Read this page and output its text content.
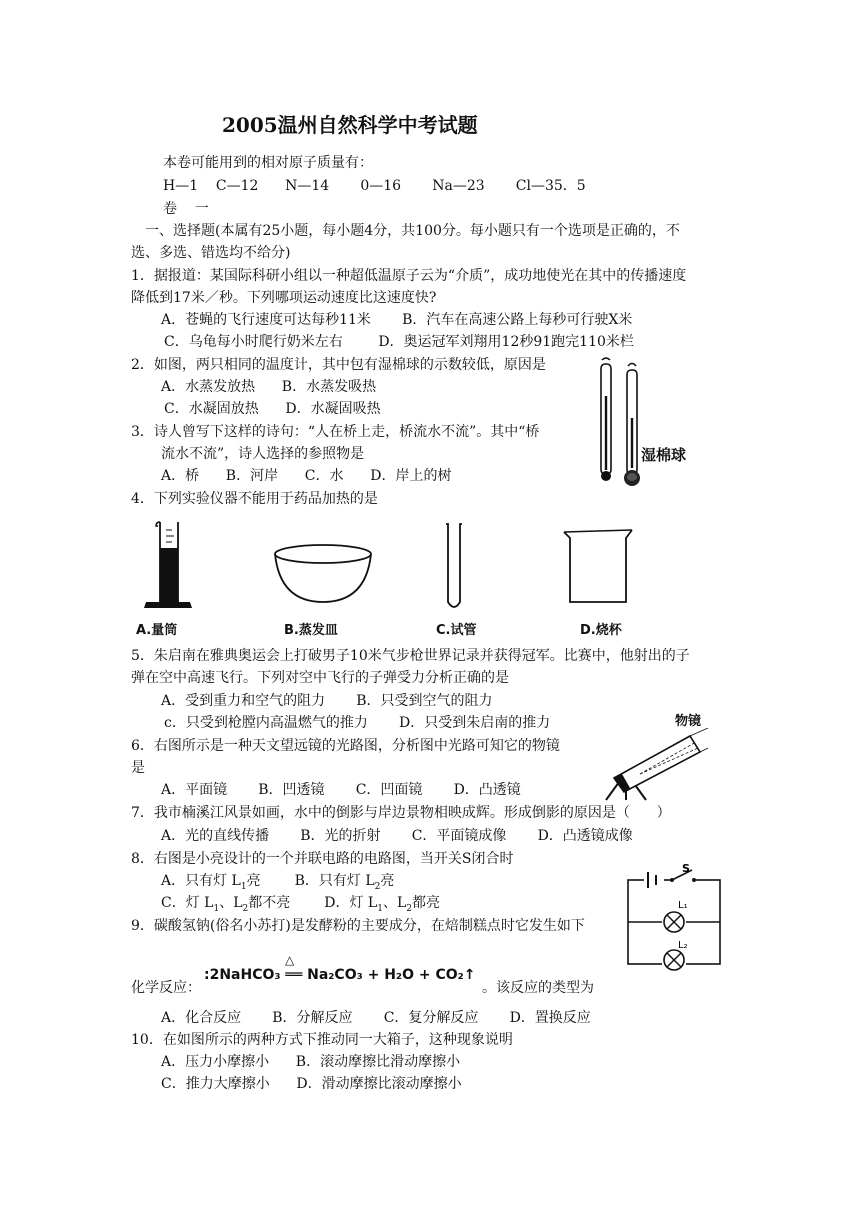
2005温州自然科学中考试题
本卷可能用到的相对原子质量有：
H—1    C—12      N—14       0—16       Na—23       Cl—35．5
卷    一
一、选择题(本属有25小题，每小题4分，共100分。每小题只有一个选项是正确的，不
选、多选、错选均不给分)
1．据报道：某国际科研小组以一种超低温原子云为“介质”，成功地使光在其中的传播速度
降低到17米／秒。下列哪项运动速度比这速度快?
A．苍蝇的飞行速度可达每秒11米       B．汽车在高速公路上每秒可行驶X米
C．乌龟每小时爬行奶米左右        D．奥运冠军刘翔用12秒91跑完110米栏
2．如图，两只相同的温度计，其中包有湿棉球的示数较低，原因是
A．水蒸发放热      B．水蒸发吸热
C．水凝固放热      D．水凝固吸热
湿棉球
3．诗人曾写下这样的诗句：“人在桥上走，桥流水不流”。其中“桥
流水不流”，诗人选择的参照物是
A．桥      B．河岸      C．水      D．岸上的树
4．下列实验仪器不能用于药品加热的是
A.量筒	B.蒸发皿	C.试管	D.烧杯
5．朱启南在雅典奥运会上打破男子10米气步枪世界记录并获得冠军。比赛中，他射出的子
弹在空中高速飞行。下列对空中飞行的子弹受力分析正确的是
A．受到重力和空气的阻力       B．只受到空气的阻力
c．只受到枪膛内高温燃气的推力       D．只受到朱启南的推力	物镜
6．右图所示是一种天文望远镜的光路图，分析图中光路可知它的物镜
是
A．平面镜       B．凹透镜       C．凹面镜       D．凸透镜
7．我市楠溪江风景如画，水中的倒影与岸边景物相映成辉。形成倒影的原因是（      ）
A．光的直线传播       B．光的折射       C．平面镜成像       D．凸透镜成像
8．右图是小亮设计的一个并联电路的电路图，当开关S闭合时
A．只有灯 $L_1$亮 B．只有灯 $L_2$亮
C．灯 $L_1$、$L_2$都不亮 D．灯 $L_1$、$L_2$都亮
S
L₁
L₂
9．碳酸氢钠(俗名小苏打)是发酵粉的主要成分，在焙制糕点时它发生如下
化学反应：
△
:2NaHCO₃ ══ Na₂CO₃ + H₂O + CO₂↑
。该反应的类型为
A．化合反应       B．分解反应       C．复分解反应       D．置换反应
10．在如图所示的两种方式下推动同一大箱子，这种现象说明
A．压力小摩擦小      B．滚动摩擦比滑动摩擦小
C．推力大摩擦小      D．滑动摩擦比滚动摩擦小
